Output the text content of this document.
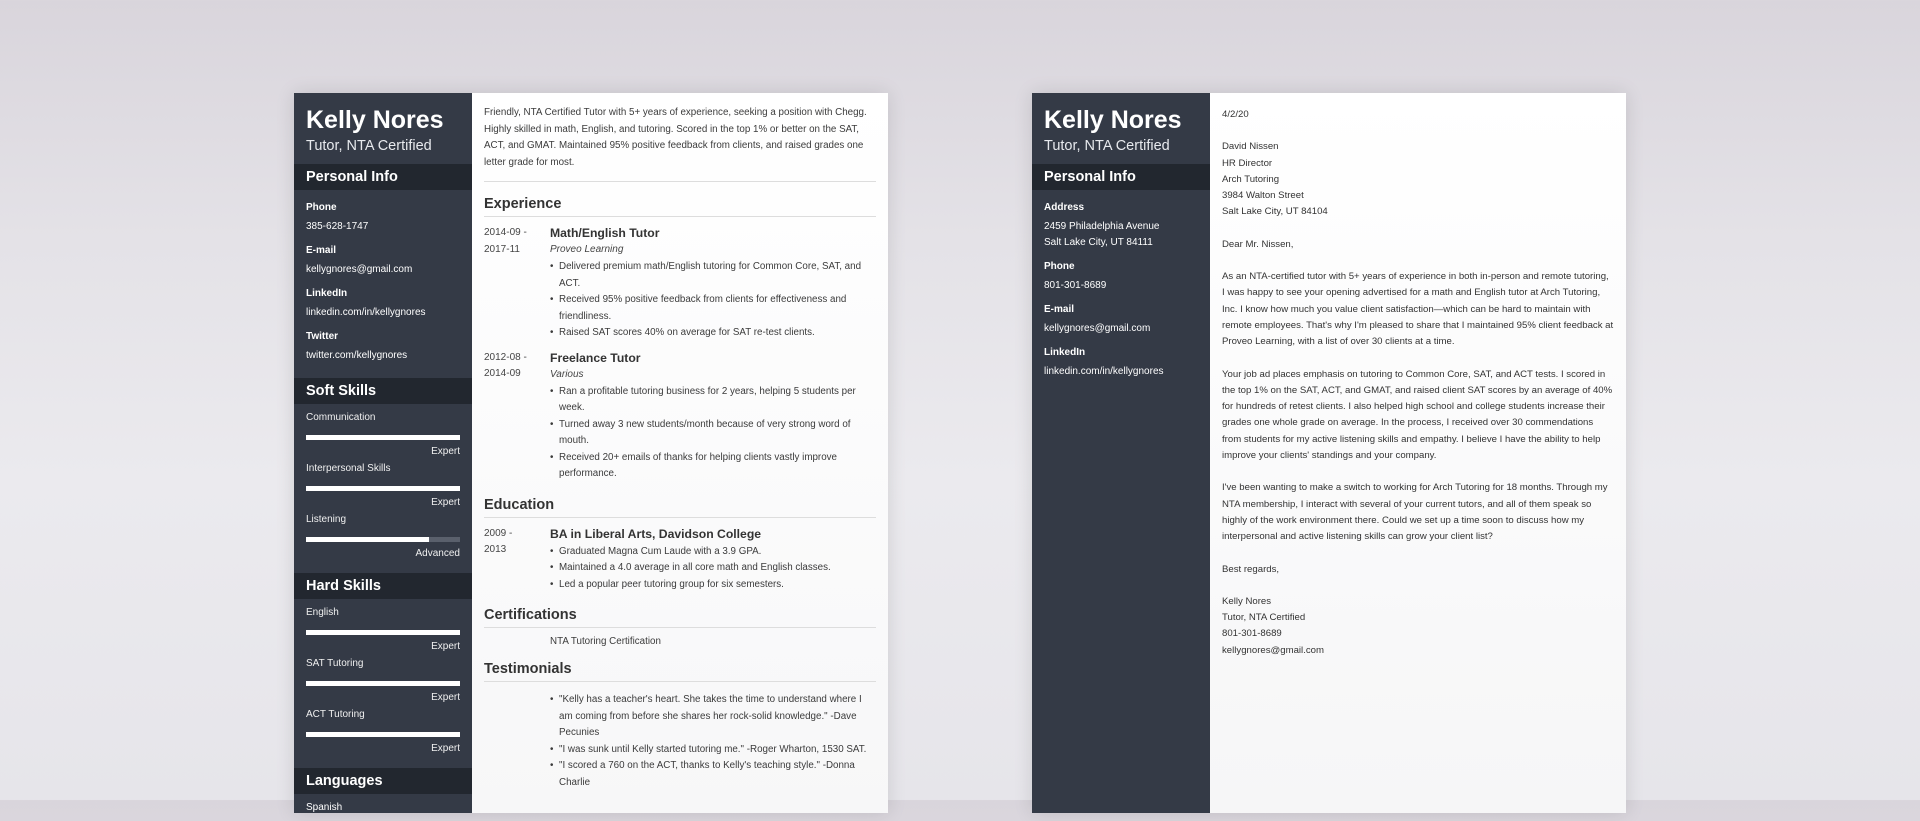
Kelly Nores
Tutor, NTA Certified
Personal Info
Phone
385-628-1747
E-mail
kellygnores@gmail.com
LinkedIn
linkedin.com/in/kellygnores
Twitter
twitter.com/kellygnores
Soft Skills
Communication
Expert
Interpersonal Skills
Expert
Listening
Advanced
Hard Skills
English
Expert
SAT Tutoring
Expert
ACT Tutoring
Expert
Languages
Spanish
Friendly, NTA Certified Tutor with 5+ years of experience, seeking a position with Chegg. Highly skilled in math, English, and tutoring. Scored in the top 1% or better on the SAT, ACT, and GMAT. Maintained 95% positive feedback from clients, and raised grades one letter grade for most.
Experience
2014-09 -
2017-11
Math/English Tutor
Proveo Learning
• Delivered premium math/English tutoring for Common Core, SAT, and ACT.
• Received 95% positive feedback from clients for effectiveness and friendliness.
• Raised SAT scores 40% on average for SAT re-test clients.
2012-08 -
2014-09
Freelance Tutor
Various
• Ran a profitable tutoring business for 2 years, helping 5 students per week.
• Turned away 3 new students/month because of very strong word of mouth.
• Received 20+ emails of thanks for helping clients vastly improve performance.
Education
2009 -
2013
BA in Liberal Arts, Davidson College
• Graduated Magna Cum Laude with a 3.9 GPA.
• Maintained a 4.0 average in all core math and English classes.
• Led a popular peer tutoring group for six semesters.
Certifications
NTA Tutoring Certification
Testimonials
• "Kelly has a teacher's heart. She takes the time to understand where I am coming from before she shares her rock-solid knowledge." -Dave Pecunies
• "I was sunk until Kelly started tutoring me." -Roger Wharton, 1530 SAT.
• "I scored a 760 on the ACT, thanks to Kelly's teaching style." -Donna Charlie
Kelly Nores
Tutor, NTA Certified
Personal Info
Address
2459 Philadelphia Avenue
Salt Lake City, UT 84111
Phone
801-301-8689
E-mail
kellygnores@gmail.com
LinkedIn
linkedin.com/in/kellygnores
4/2/20
David Nissen
HR Director
Arch Tutoring
3984 Walton Street
Salt Lake City, UT 84104
Dear Mr. Nissen,
As an NTA-certified tutor with 5+ years of experience in both in-person and remote tutoring, I was happy to see your opening advertised for a math and English tutor at Arch Tutoring, Inc. I know how much you value client satisfaction—which can be hard to maintain with remote employees. That's why I'm pleased to share that I maintained 95% client feedback at Proveo Learning, with a list of over 30 clients at a time.
Your job ad places emphasis on tutoring to Common Core, SAT, and ACT tests. I scored in the top 1% on the SAT, ACT, and GMAT, and raised client SAT scores by an average of 40% for hundreds of retest clients. I also helped high school and college students increase their grades one whole grade on average. In the process, I received over 30 commendations from students for my active listening skills and empathy. I believe I have the ability to help improve your clients' standings and your company.
I've been wanting to make a switch to working for Arch Tutoring for 18 months. Through my NTA membership, I interact with several of your current tutors, and all of them speak so highly of the work environment there. Could we set up a time soon to discuss how my interpersonal and active listening skills can grow your client list?
Best regards,
Kelly Nores
Tutor, NTA Certified
801-301-8689
kellygnores@gmail.com
